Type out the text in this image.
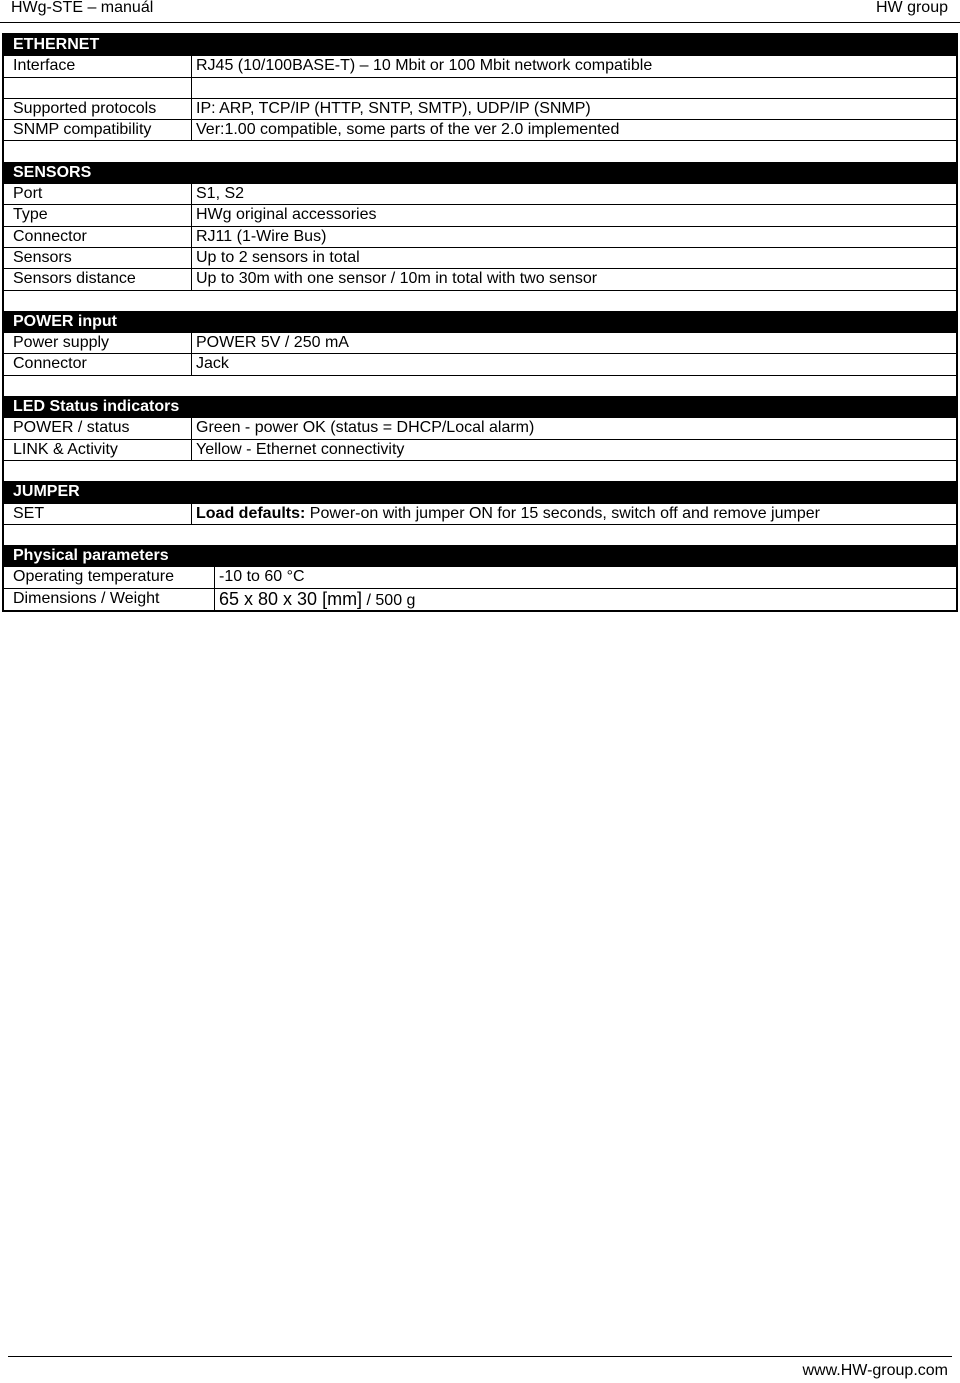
HWg-STE – manuál	HW group
ETHERNET
Interface	RJ45 (10/100BASE-T) – 10 Mbit or 100 Mbit network compatible
Supported protocols	IP: ARP, TCP/IP (HTTP, SNTP, SMTP), UDP/IP (SNMP)
SNMP compatibility	Ver:1.00 compatible, some parts of the ver 2.0 implemented
SENSORS
Port	S1, S2
Type	HWg original accessories
Connector	RJ11 (1-Wire Bus)
Sensors	Up to 2 sensors in total
Sensors distance	Up to 30m with one sensor / 10m in total with two sensor
POWER input
Power supply	POWER 5V / 250 mA
Connector	Jack
LED Status indicators
POWER / status	Green - power OK (status = DHCP/Local alarm)
LINK & Activity	Yellow - Ethernet connectivity
JUMPER
SET	Load defaults: Power-on with jumper ON for 15 seconds, switch off and remove jumper
Physical parameters
Operating temperature	-10 to 60 °C
Dimensions / Weight	65 x 80 x 30 [mm] / 500 g
www.HW-group.com
